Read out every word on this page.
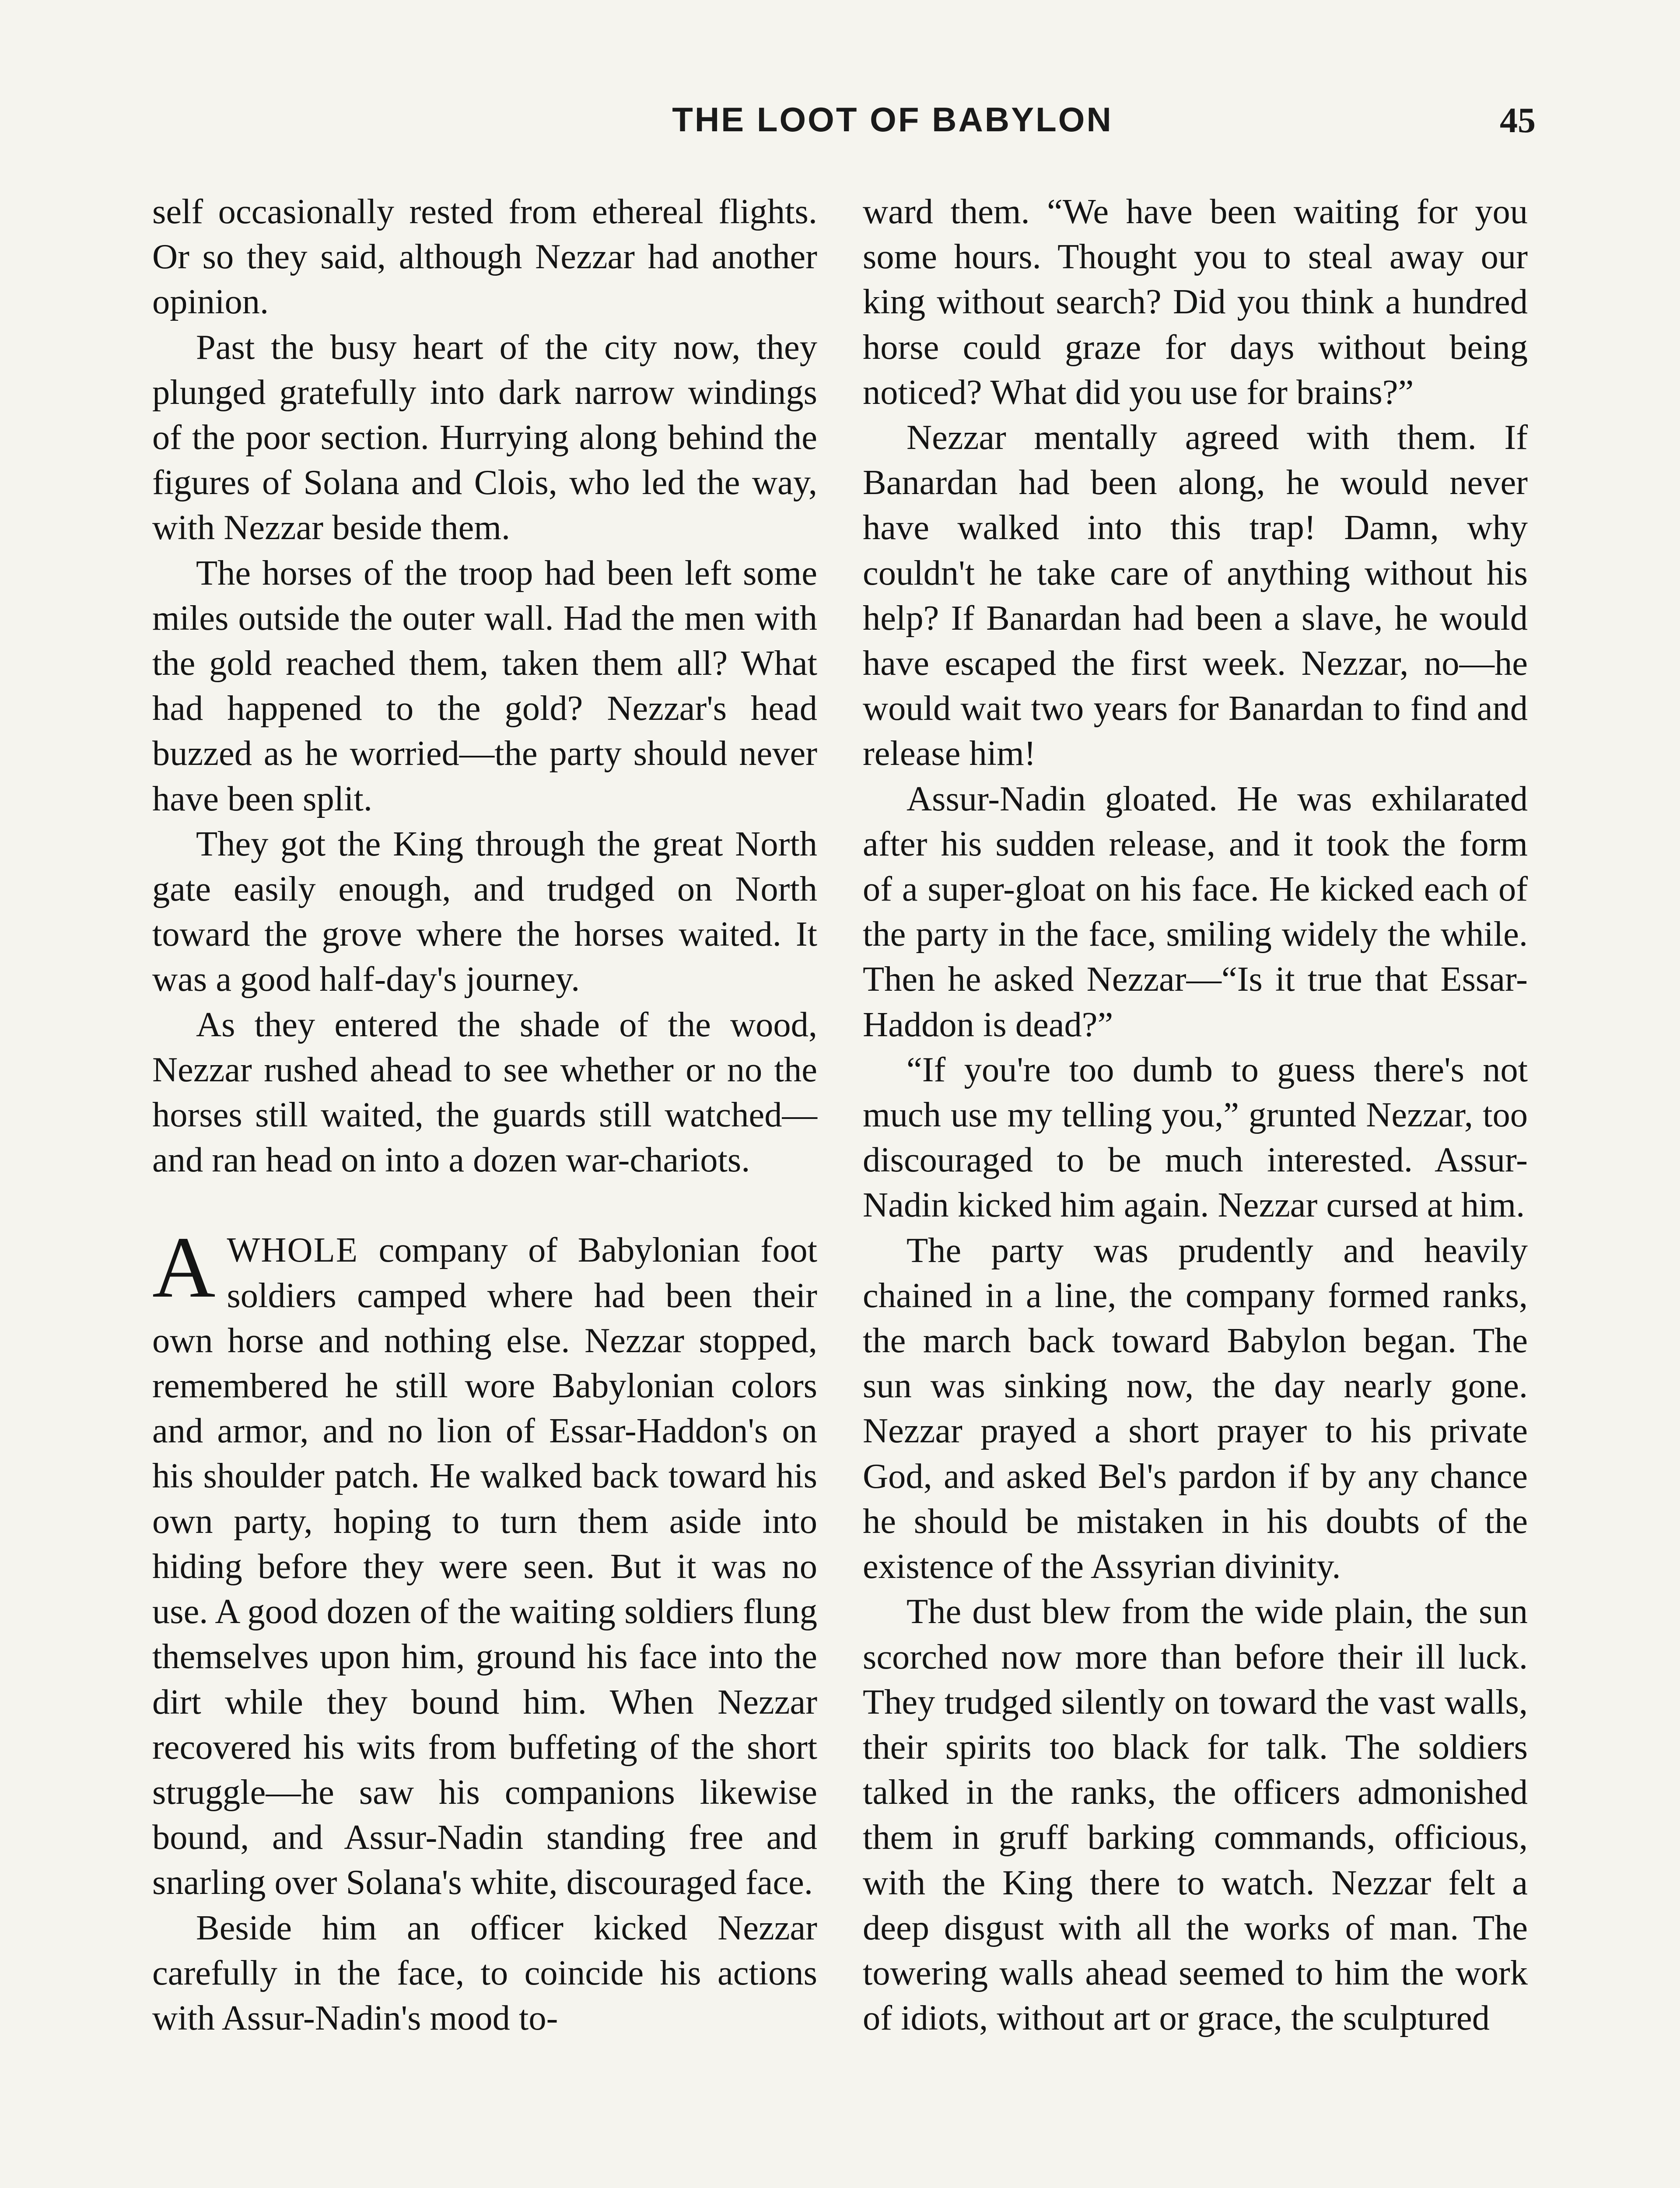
THE LOOT OF BABYLON	45

self occasionally rested from ethereal flights. Or so they said, although Nezzar had another opinion.

Past the busy heart of the city now, they plunged gratefully into dark narrow windings of the poor section. Hurrying along behind the figures of Solana and Clois, who led the way, with Nezzar beside them.

The horses of the troop had been left some miles outside the outer wall. Had the men with the gold reached them, taken them all? What had happened to the gold? Nezzar's head buzzed as he worried—the party should never have been split.

They got the King through the great North gate easily enough, and trudged on North toward the grove where the horses waited. It was a good half-day's journey.

As they entered the shade of the wood, Nezzar rushed ahead to see whether or no the horses still waited, the guards still watched—and ran head on into a dozen war-chariots.

AWHOLE company of Babylonian foot soldiers camped where had been their own horse and nothing else. Nezzar stopped, remembered he still wore Babylonian colors and armor, and no lion of Essar-Haddon's on his shoulder patch. He walked back toward his own party, hoping to turn them aside into hiding before they were seen. But it was no use. A good dozen of the waiting soldiers flung themselves upon him, ground his face into the dirt while they bound him. When Nezzar recovered his wits from buffeting of the short struggle—he saw his companions likewise bound, and Assur-Nadin standing free and snarling over Solana's white, discouraged face.

Beside him an officer kicked Nezzar carefully in the face, to coincide his actions with Assur-Nadin's mood to-

ward them. “We have been waiting for you some hours. Thought you to steal away our king without search? Did you think a hundred horse could graze for days without being noticed? What did you use for brains?”

Nezzar mentally agreed with them. If Banardan had been along, he would never have walked into this trap! Damn, why couldn't he take care of anything without his help? If Banardan had been a slave, he would have escaped the first week. Nezzar, no—he would wait two years for Banardan to find and release him!

Assur-Nadin gloated. He was exhilarated after his sudden release, and it took the form of a super-gloat on his face. He kicked each of the party in the face, smiling widely the while. Then he asked Nezzar—“Is it true that Essar-Haddon is dead?”

“If you're too dumb to guess there's not much use my telling you,” grunted Nezzar, too discouraged to be much interested. Assur-Nadin kicked him again. Nezzar cursed at him.

The party was prudently and heavily chained in a line, the company formed ranks, the march back toward Babylon began. The sun was sinking now, the day nearly gone. Nezzar prayed a short prayer to his private God, and asked Bel's pardon if by any chance he should be mistaken in his doubts of the existence of the Assyrian divinity.

The dust blew from the wide plain, the sun scorched now more than before their ill luck. They trudged silently on toward the vast walls, their spirits too black for talk. The soldiers talked in the ranks, the officers admonished them in gruff barking commands, officious, with the King there to watch. Nezzar felt a deep disgust with all the works of man. The towering walls ahead seemed to him the work of idiots, without art or grace, the sculptured
